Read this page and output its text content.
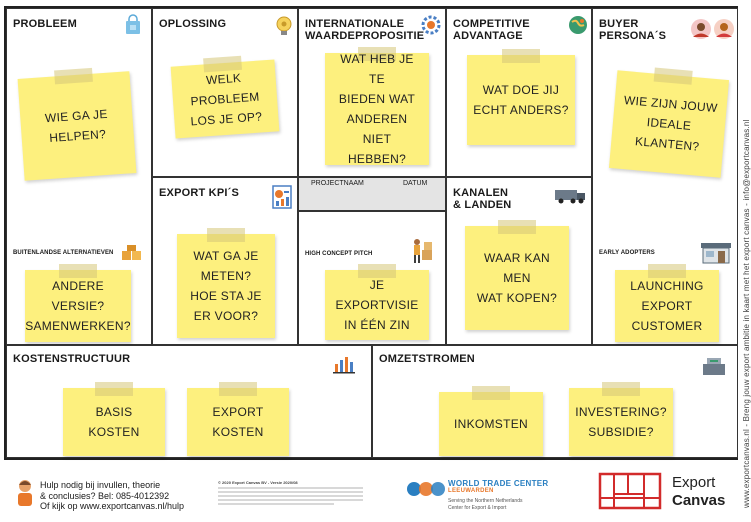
PROBLEEM
WIE GA JE
HELPEN?
BUITENLANDSE ALTERNATIEVEN
ANDERE VERSIE?
SAMENWERKEN?
OPLOSSING
WELK PROBLEEM
LOS JE OP?
EXPORT KPI´S
WAT GA JE
METEN?
HOE STA JE
ER VOOR?
INTERNATIONALE
WAARDEPROPOSITIE
WAT HEB JE TE
BIEDEN WAT
ANDEREN NIET
HEBBEN?
PROJECTNAAM	DATUM
HIGH CONCEPT PITCH
JE EXPORTVISIE
IN ÉÉN ZIN
COMPETITIVE
ADVANTAGE
WAT DOE JIJ
ECHT ANDERS?
KANALEN
& LANDEN
WAAR KAN MEN
WAT KOPEN?
BUYER
PERSONA´S
WIE ZIJN JOUW
IDEALE
KLANTEN?
EARLY ADOPTERS
LAUNCHING
EXPORT
CUSTOMER
KOSTENSTRUCTUUR
BASIS
KOSTEN
EXPORT
KOSTEN
OMZETSTROMEN
INKOMSTEN
INVESTERING?
SUBSIDIE?	www.exportcanvas.nl - Breng jouw export ambitie in kaart met het export canvas - info@exportcanvas.nl
Hulp nodig bij invullen, theorie
& conclusies? Bel: 085-4012392
Of kijk op www.exportcanvas.nl/hulp
© 2020 Export Canvas BV - Versie 2020/08	WORLD TRADE CENTER
LEEUWARDEN
Serving the Northern Netherlands
Center for Export & Import
Export
Canvas
